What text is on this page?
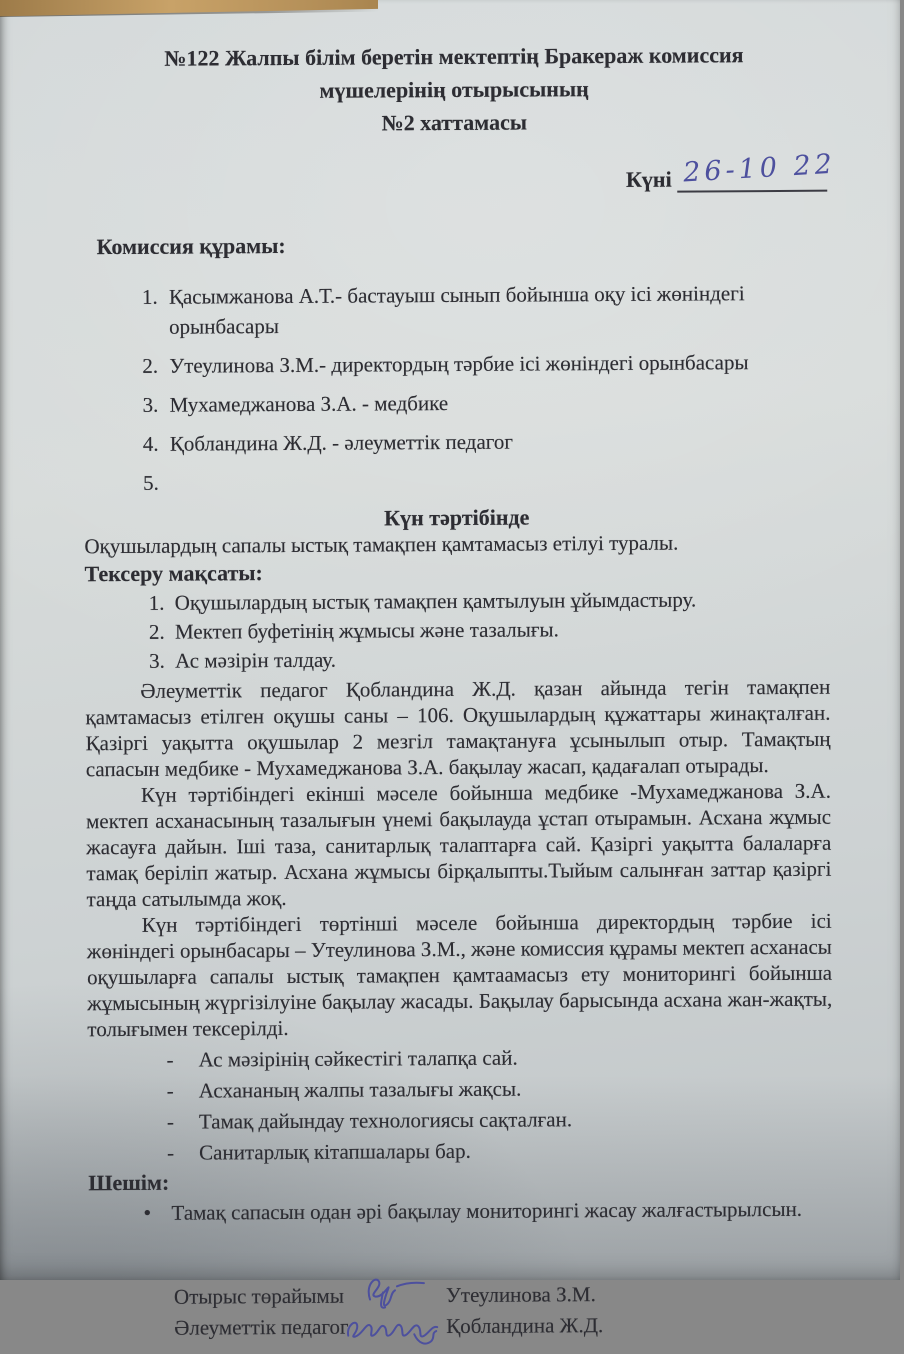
№122 Жалпы білім беретін мектептің Бракераж комиссия
мүшелерінің отырысының
№2 хаттамасы
Күні 26-10 22
Комиссия құрамы:
1. Қасымжанова А.Т.- бастауыш сынып бойынша оқу ісі жөніндегі орынбасары
2. Утеулинова З.М.- директордың тәрбие ісі жөніндегі орынбасары
3. Мухамеджанова З.А. - медбике
4. Қобландина Ж.Д. - әлеуметтік педагог
5.
Күн тәртібінде

Оқушылардың сапалы ыстық тамақпен қамтамасыз етілуі туралы.

Тексеру мақсаты:
1. Оқушылардың ыстық тамақпен қамтылуын ұйымдастыру.
2. Мектеп буфетінің жұмысы және тазалығы.
3. Ас мәзірін талдау.

Әлеуметтік педагог Қобландина Ж.Д. қазан айында тегін тамақпен қамтамасыз етілген оқушы саны – 106. Оқушылардың құжаттары жинақталған. Қазіргі уақытта оқушылар 2 мезгіл тамақтануға ұсынылып отыр. Тамақтың сапасын медбике - Мухамеджанова З.А. бақылау жасап, қадағалап отырады.

Күн тәртібіндегі екінші мәселе бойынша медбике -Мухамеджанова З.А. мектеп асханасының тазалығын үнемі бақылауда ұстап отырамын. Асхана жұмыс жасауға дайын. Іші таза, санитарлық талаптарға сай. Қазіргі уақытта балаларға тамақ беріліп жатыр. Асхана жұмысы бірқалыпты.Тыйым салынған заттар қазіргі таңда сатылымда жоқ.

Күн тәртібіндегі төртінші мәселе бойынша директордың тәрбие ісі жөніндегі орынбасары – Утеулинова З.М., және комиссия құрамы мектеп асханасы оқушыларға сапалы ыстық тамақпен қамтаамасыз ету мониторингі бойынша жұмысының жүргізілуіне бақылау жасады. Бақылау барысында асхана жан-жақты, толығымен тексерілді.

- Ас мәзірінің сәйкестігі талапқа сай.
- Асхананың жалпы тазалығы жақсы.
- Тамақ дайындау технологиясы сақталған.
- Санитарлық кітапшалары бар.
Шешім:
• Тамақ сапасын одан әрі бақылау мониторингі жасау жалғастырылсын.
Отырыс төрайымы	Утеулинова З.М.
Әлеуметтік педагог	Қобландина Ж.Д.
